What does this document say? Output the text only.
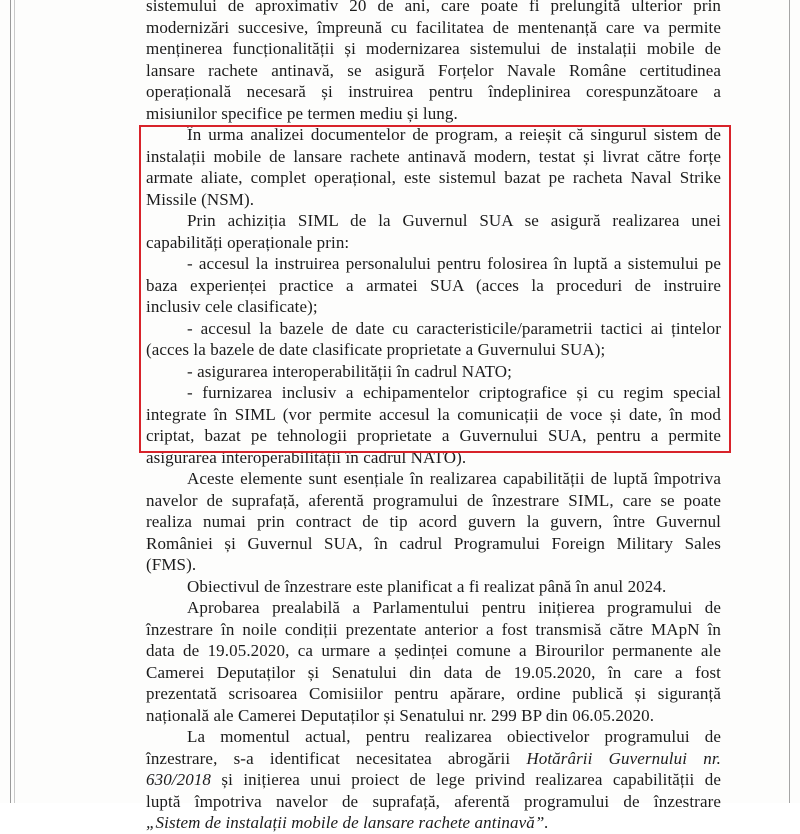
sistemului de aproximativ 20 de ani, care poate fi prelungită ulterior prin

modernizări succesive, împreună cu facilitatea de mentenanță care va permite

menținerea funcționalității și modernizarea sistemului de instalații mobile de

lansare rachete antinavă, se asigură Forțelor Navale Române certitudinea

operațională necesară și instruirea pentru îndeplinirea corespunzătoare a

misiunilor specifice pe termen mediu și lung.

În urma analizei documentelor de program, a reieșit că singurul sistem de

instalații mobile de lansare rachete antinavă modern, testat și livrat către forțe

armate aliate, complet operațional, este sistemul bazat pe racheta Naval Strike

Missile (NSM).

Prin achiziția SIML de la Guvernul SUA se asigură realizarea unei

capabilități operaționale prin:

- accesul la instruirea personalului pentru folosirea în luptă a sistemului pe

baza experienței practice a armatei SUA (acces la proceduri de instruire

inclusiv cele clasificate);

- accesul la bazele de date cu caracteristicile/parametrii tactici ai țintelor

(acces la bazele de date clasificate proprietate a Guvernului SUA);

- asigurarea interoperabilității în cadrul NATO;

- furnizarea inclusiv a echipamentelor criptografice și cu regim special

integrate în SIML (vor permite accesul la comunicații de voce și date, în mod

criptat, bazat pe tehnologii proprietate a Guvernului SUA, pentru a permite

asigurarea interoperabilității în cadrul NATO).

Aceste elemente sunt esențiale în realizarea capabilității de luptă împotriva

navelor de suprafață, aferentă programului de înzestrare SIML, care se poate

realiza numai prin contract de tip acord guvern la guvern, între Guvernul

României și Guvernul SUA, în cadrul Programului Foreign Military Sales

(FMS).

Obiectivul de înzestrare este planificat a fi realizat până în anul 2024.

Aprobarea prealabilă a Parlamentului pentru inițierea programului de

înzestrare în noile condiții prezentate anterior a fost transmisă către MApN în

data de 19.05.2020, ca urmare a ședinței comune a Birourilor permanente ale

Camerei Deputaților și Senatului din data de 19.05.2020, în care a fost

prezentată scrisoarea Comisiilor pentru apărare, ordine publică și siguranță

națională ale Camerei Deputaților și Senatului nr. 299 BP din 06.05.2020.

La momentul actual, pentru realizarea obiectivelor programului de

înzestrare, s-a identificat necesitatea abrogării Hotărârii Guvernului nr.

630/2018 și inițierea unui proiect de lege privind realizarea capabilității de

luptă împotriva navelor de suprafață, aferentă programului de înzestrare

„Sistem de instalații mobile de lansare rachete antinavă”.
